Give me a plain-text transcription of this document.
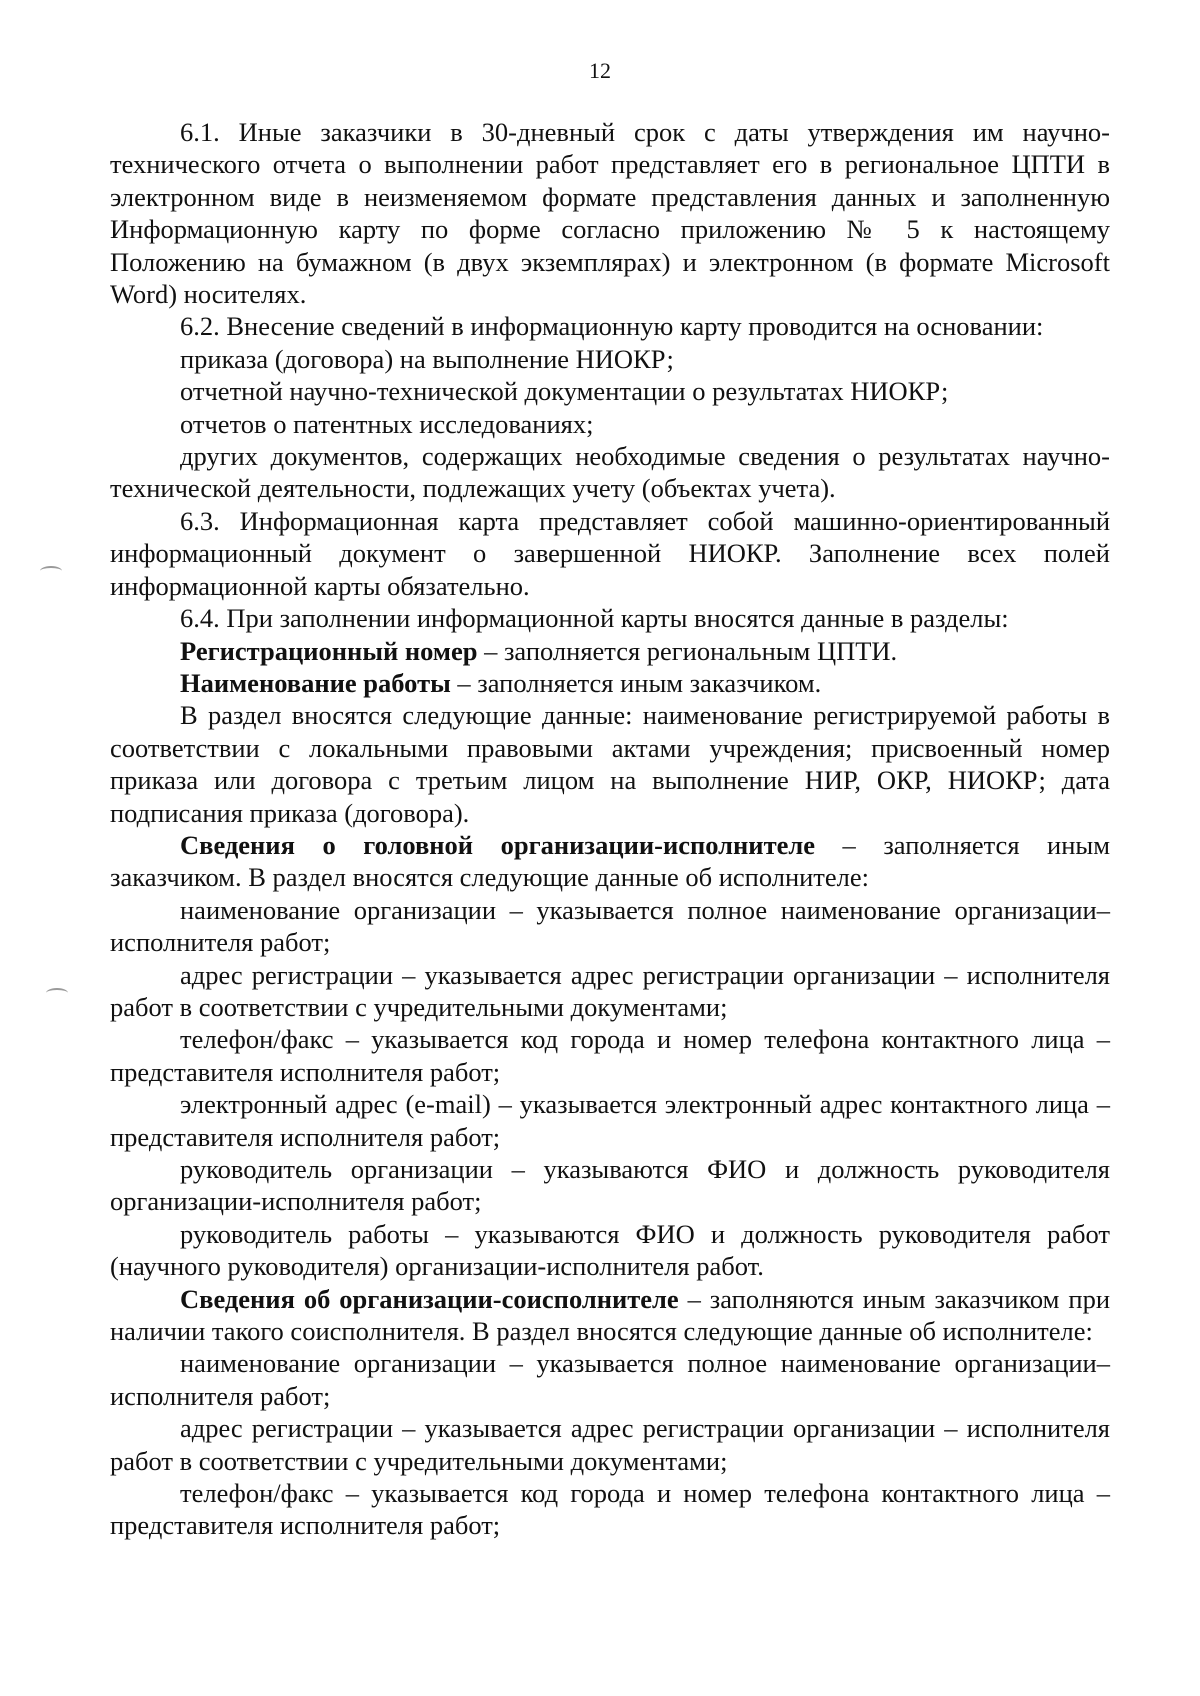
12

6.1. Иные заказчики в 30-дневный срок с даты утверждения им научно-технического отчета о выполнении работ представляет его в региональное ЦПТИ в электронном виде в неизменяемом формате представления данных и заполненную Информационную карту по форме согласно приложению № 5 к настоящему Положению на бумажном (в двух экземплярах) и электронном (в формате Microsoft Word) носителях.

6.2. Внесение сведений в информационную карту проводится на основании:

приказа (договора) на выполнение НИОКР;

отчетной научно-технической документации о результатах НИОКР;

отчетов о патентных исследованиях;

других документов, содержащих необходимые сведения о результатах научно-технической деятельности, подлежащих учету (объектах учета).

6.3. Информационная карта представляет собой машинно-ориентированный информационный документ о завершенной НИОКР. Заполнение всех полей информационной карты обязательно.

6.4. При заполнении информационной карты вносятся данные в разделы:

Регистрационный номер – заполняется региональным ЦПТИ.

Наименование работы – заполняется иным заказчиком.

В раздел вносятся следующие данные: наименование регистрируемой работы в соответствии с локальными правовыми актами учреждения; присвоенный номер приказа или договора с третьим лицом на выполнение НИР, ОКР, НИОКР; дата подписания приказа (договора).

Сведения о головной организации-исполнителе – заполняется иным заказчиком. В раздел вносятся следующие данные об исполнителе:

наименование организации – указывается полное наименование организации– исполнителя работ;

адрес регистрации – указывается адрес регистрации организации – исполнителя работ в соответствии с учредительными документами;

телефон/факс – указывается код города и номер телефона контактного лица – представителя исполнителя работ;

электронный адрес (e-mail) – указывается электронный адрес контактного лица – представителя исполнителя работ;

руководитель организации – указываются ФИО и должность руководителя организации-исполнителя работ;

руководитель работы – указываются ФИО и должность руководителя работ (научного руководителя) организации-исполнителя работ.

Сведения об организации-соисполнителе – заполняются иным заказчиком при наличии такого соисполнителя. В раздел вносятся следующие данные об исполнителе:

наименование организации – указывается полное наименование организации– исполнителя работ;

адрес регистрации – указывается адрес регистрации организации – исполнителя работ в соответствии с учредительными документами;

телефон/факс – указывается код города и номер телефона контактного лица – представителя исполнителя работ;
